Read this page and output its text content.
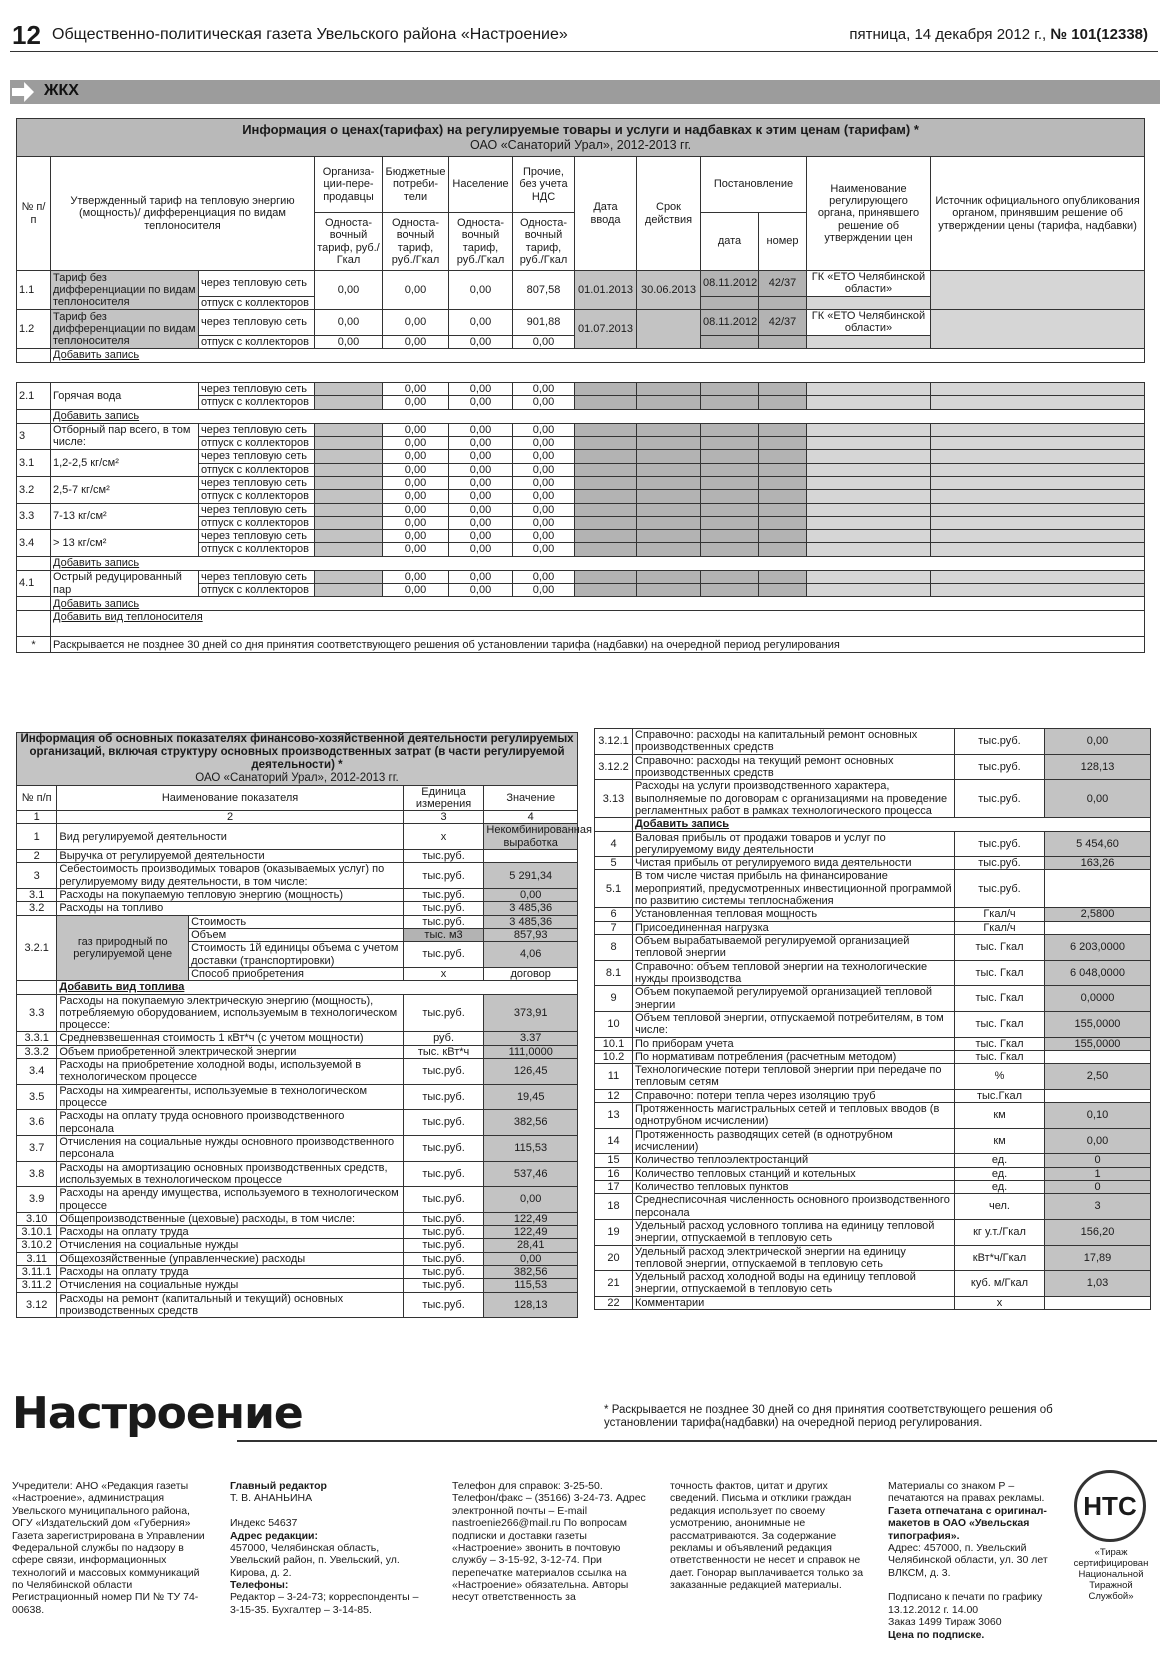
12 Общественно-политическая газета Увельского района «Настроение»	пятница, 14 декабря 2012 г., № 101(12338)
ЖКХ
Информация о ценах(тарифах) на регулируемые товары и услуги и надбавках к этим ценам (тарифам) *
ОАО «Санаторий Урал», 2012-2013 гг.												
№ п/п	Утвержденный тариф на тепловую энергию (мощность)/ дифференциация по видам теплоносителя		Организа-ции-пере-продавцы	Бюджетные потреби-тели	Население	Прочие, без учета НДС	Дата ввода	Срок действия	Постановление		Наименование регулирующего органа, принявшего решение об утверждении цен	Источник официального опубликования органом, принявшим решение об утверждении цены (тарифа, надбавки)
			Односта-вочный тариф, руб./Гкал	Односта-вочный тариф, руб./Гкал	Односта-вочный тариф, руб./Гкал	Односта-вочный тариф, руб./Гкал			дата	номер		
1.1	Тариф без дифференциации по видам теплоносителя	через тепловую сеть	0,00	0,00	0,00	807,58	01.01.2013	30.06.2013	08.11.2012	42/37	ГК «ЕТО Челябинской области»	
		отпуск с коллекторов										
1.2	Тариф без дифференциации по видам теплоносителя	через тепловую сеть	0,00	0,00	0,00	901,88	01.07.2013		08.11.2012	42/37	ГК «ЕТО Челябинской области»	
		отпуск с коллекторов	0,00	0,00	0,00	0,00						
	Добавить запись											
2.1	Горячая вода	через тепловую сеть		0,00	0,00	0,00						
		отпуск с коллекторов		0,00	0,00	0,00						
	Добавить запись											
3	Отборный пар всего, в том числе:	через тепловую сеть		0,00	0,00	0,00						
		отпуск с коллекторов		0,00	0,00	0,00						
3.1	1,2-2,5 кг/см²	через тепловую сеть		0,00	0,00	0,00						
		отпуск с коллекторов		0,00	0,00	0,00						
3.2	2,5-7 кг/см²	через тепловую сеть		0,00	0,00	0,00						
		отпуск с коллекторов		0,00	0,00	0,00						
3.3	7-13 кг/см²	через тепловую сеть		0,00	0,00	0,00						
		отпуск с коллекторов		0,00	0,00	0,00						
3.4	> 13 кг/см²	через тепловую сеть		0,00	0,00	0,00						
		отпуск с коллекторов		0,00	0,00	0,00						
	Добавить запись											
4.1	Острый редуцированный пар	через тепловую сеть		0,00	0,00	0,00						
		отпуск с коллекторов		0,00	0,00	0,00						
	Добавить запись											
	Добавить вид теплоносителя											
*	Раскрывается не позднее 30 дней со дня принятия соответствующего решения об установлении тарифа (надбавки) на очередной период регулирования											
Информация об основных показателях финансово-хозяйственной деятельности регулируемых организаций, включая структуру основных производственных затрат (в части регулируемой деятельности) *
ОАО «Санаторий Урал», 2012-2013 гг.				
№ п/п	Наименование показателя		Единица измерения	Значение
1	2		3	4
1	Вид регулируемой деятельности		х	Некомбинированная выработка
2	Выручка от регулируемой деятельности		тыс.руб.	
3	Себестоимость производимых товаров (оказываемых услуг) по регулируемому виду деятельности, в том числе:		тыс.руб.	5 291,34
3.1	Расходы на покупаемую тепловую энергию (мощность)		тыс.руб.	0,00
3.2	Расходы на топливо		тыс.руб.	3 485,36
3.2.1	газ природный по регулируемой цене	Стоимость	тыс.руб.	3 485,36
		Объем	тыс. м3	857,93
		Стоимость 1й единицы объема с учетом доставки (транспортировки)	тыс.руб.	4,06
		Способ приобретения	х	договор
	Добавить вид топлива			
3.3	Расходы на покупаемую электрическую энергию (мощность), потребляемую оборудованием, используемым в технологическом процессе:		тыс.руб.	373,91
3.3.1	Средневзвешенная стоимость 1 кВт*ч (с учетом мощности)		руб.	3.37
3.3.2	Объем приобретенной электрической энергии		тыс. кВт*ч	111,0000
3.4	Расходы на приобретение холодной воды, используемой в технологическом процессе		тыс.руб.	126,45
3.5	Расходы на химреагенты, используемые в технологическом процессе		тыс.руб.	19,45
3.6	Расходы на оплату труда основного производственного персонала		тыс.руб.	382,56
3.7	Отчисления на социальные нужды основного производственного персонала		тыс.руб.	115,53
3.8	Расходы на амортизацию основных производственных средств, используемых в технологическом процессе		тыс.руб.	537,46
3.9	Расходы на аренду имущества, используемого в технологическом процессе		тыс.руб.	0,00
3.10	Общепроизводственные (цеховые) расходы, в том числе:		тыс.руб.	122,49
3.10.1	Расходы на оплату труда		тыс.руб.	122,49
3.10.2	Отчисления на социальные нужды		тыс.руб.	28,41
3.11	Общехозяйственные (управленческие) расходы		тыс.руб.	0,00
3.11.1	Расходы на оплату труда		тыс.руб.	382,56
3.11.2	Отчисления на социальные нужды		тыс.руб.	115,53
3.12	Расходы на ремонт (капитальный и текущий) основных производственных средств		тыс.руб.	128,13
3.12.1	Справочно: расходы на капитальный ремонт основных производственных средств	тыс.руб.	0,00
3.12.2	Справочно: расходы на текущий ремонт основных производственных средств	тыс.руб.	128,13
3.13	Расходы на услуги производственного характера, выполняемые по договорам с организациями на проведение регламентных работ в рамках технологического процесса	тыс.руб.	0,00
	Добавить запись		
4	Валовая прибыль от продажи товаров и услуг по регулируемому виду деятельности	тыс.руб.	5 454,60
5	Чистая прибыль от регулируемого вида деятельности	тыс.руб.	163,26
5.1	В том числе чистая прибыль на финансирование мероприятий, предусмотренных инвестиционной программой по развитию системы теплоснабжения	тыс.руб.	
6	Установленная тепловая мощность	Гкал/ч	2,5800
7	Присоединенная нагрузка	Гкал/ч	
8	Объем вырабатываемой регулируемой организацией тепловой энергии	тыс. Гкал	6 203,0000
8.1	Справочно: объем тепловой энергии на технологические нужды производства	тыс. Гкал	6 048,0000
9	Объем покупаемой регулируемой организацией тепловой энергии	тыс. Гкал	0,0000
10	Объем тепловой энергии, отпускаемой потребителям, в том числе:	тыс. Гкал	155,0000
10.1	По приборам учета	тыс. Гкал	155,0000
10.2	По нормативам потребления (расчетным методом)	тыс. Гкал	
11	Технологические потери тепловой энергии при передаче по тепловым сетям	%	2,50
12	Справочно: потери тепла через изоляцию труб	тыс.Гкал	
13	Протяженность магистральных сетей и тепловых вводов (в однотрубном исчислении)	км	0,10
14	Протяженность разводящих сетей (в однотрубном исчислении)	км	0,00
15	Количество теплоэлектростанций	ед.	0
16	Количество тепловых станций и котельных	ед.	1
17	Количество тепловых пунктов	ед.	0
18	Среднесписочная численность основного производственного персонала	чел.	3
19	Удельный расход условного топлива на единицу тепловой энергии, отпускаемой в тепловую сеть	кг у.т./Гкал	156,20
20	Удельный расход электрической энергии на единицу тепловой энергии, отпускаемой в тепловую сеть	кВт*ч/Гкал	17,89
21	Удельный расход холодной воды на единицу тепловой энергии, отпускаемой в тепловую сеть	куб. м/Гкал	1,03
22	Комментарии	х	
* Раскрывается не позднее 30 дней со дня принятия соответствующего решения об установлении тарифа(надбавки) на очередной период регулирования.
Настроение
Учредители: АНО «Редакция газеты «Настроение», администрация Увельского муниципального района, ОГУ «Издательский дом «Губерния» Газета зарегистрирована в Управлении Федеральной службы по надзору в сфере связи, информационных технологий и массовых коммуникаций по Челябинской области Регистрационный номер ПИ № ТУ 74-00638.
Главный редактор
Т. В. АНАНЬИНА

Индекс 54637
Адрес редакции:
457000, Челябинская область, Увельский район, п. Увельский, ул. Кирова, д. 2.
Телефоны:
Редактор – 3-24-73; корреспонденты – 3-15-35. Бухгалтер – 3-14-85.
Телефон для справок: 3-25-50. Телефон/факс – (35166) 3-24-73. Адрес электронной почты – E-mail nastroenie266@mail.ru По вопросам подписки и доставки газеты «Настроение» звонить в почтовую службу – 3-15-92, 3-12-74. При перепечатке материалов ссылка на «Настроение» обязательна. Авторы несут ответственность за
точность фактов, цитат и других сведений. Письма и отклики граждан редакция использует по своему усмотрению, анонимные не рассматриваются. За содержание рекламы и объявлений редакция ответственности не несет и справок не дает. Гонорар выплачивается только за заказанные редакцией материалы.
Материалы со знаком Р – печатаются на правах рекламы.
Газета отпечатана с оригинал-макетов в ОАО «Увельская типография».
Адрес: 457000, п. Увельский Челябинской области, ул. 30 лет ВЛКСМ, д. 3.

Подписано к печати по графику 13.12.2012 г. 14.00
Заказ 1499 Тираж 3060
Цена по подписке.
НТС
«Тираж сертифицирован Национальной Тиражной Службой»
